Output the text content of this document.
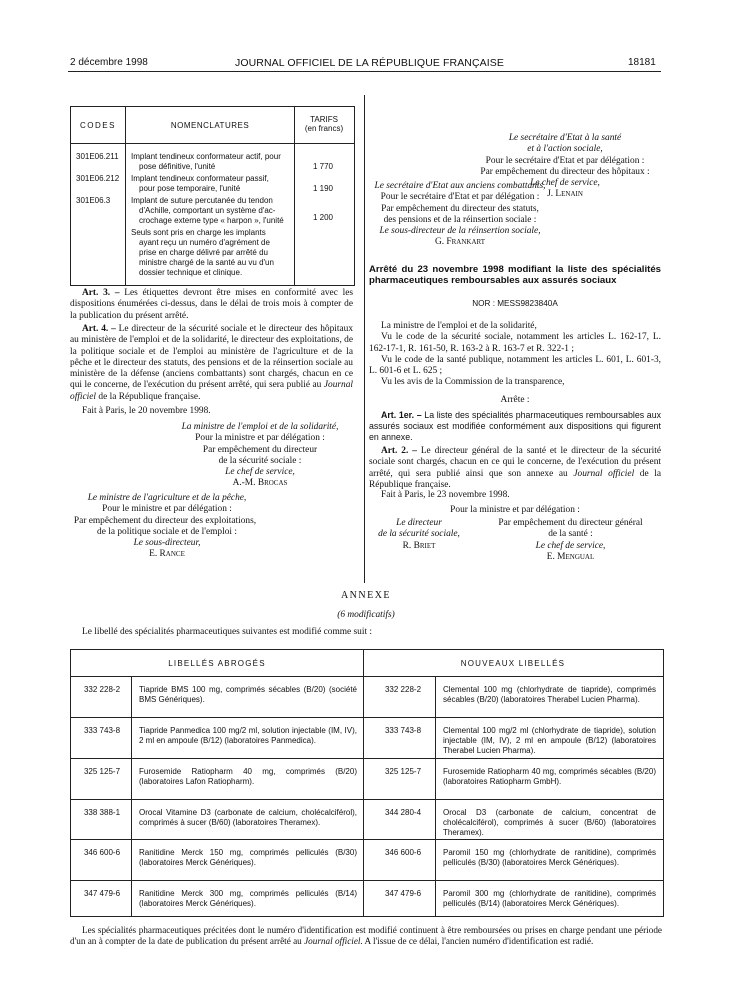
2 décembre 1998	JOURNAL OFFICIEL DE LA RÉPUBLIQUE FRANÇAISE	18181
CODES	NOMENCLATURES
TARIFS
(en francs)
301E06.211 Implant tendineux conformateur actif, pour
pose définitive, l'unité	1 770
301E06.212 Implant tendineux conformateur passif,
pour pose temporaire, l'unité	1 190
301E06.3	Implant de suture percutanée du tendon
d'Achille, comportant un système d'ac-
crochage externe type « harpon », l'unité	1 200
Seuls sont pris en charge les implants
ayant reçu un numéro d'agrément de
prise en charge délivré par arrêté du
ministre chargé de la santé au vu d'un
dossier technique et clinique.

Art. 3. – Les étiquettes devront être mises en conformité avec les dispositions énumérées ci-dessus, dans le délai de trois mois à compter de la publication du présent arrêté.

Art. 4. – Le directeur de la sécurité sociale et le directeur des hôpitaux au ministère de l'emploi et de la solidarité, le directeur des exploitations, de la politique sociale et de l'emploi au ministère de l'agriculture et de la pêche et le directeur des statuts, des pensions et de la réinsertion sociale au ministère de la défense (anciens combattants) sont chargés, chacun en ce qui le concerne, de l'exécution du présent arrêté, qui sera publié au Journal officiel de la République française.

Fait à Paris, le 20 novembre 1998.
La ministre de l'emploi et de la solidarité,
Pour la ministre et par délégation :
Par empêchement du directeur
de la sécurité sociale :
Le chef de service,
A.-M. Brocas
Le ministre de l'agriculture et de la pêche,
Pour le ministre et par délégation :
Par empêchement du directeur des exploitations,
de la politique sociale et de l'emploi :
Le sous-directeur,
E. Rance
Le secrétaire d'Etat à la santé
et à l'action sociale,
Pour le secrétaire d'Etat et par délégation :
Par empêchement du directeur des hôpitaux :
Le chef de service,
J. Lenain
Le secrétaire d'Etat aux anciens combattants,
Pour le secrétaire d'Etat et par délégation :
Par empêchement du directeur des statuts,
des pensions et de la réinsertion sociale :
Le sous-directeur de la réinsertion sociale,
G. Frankart
Arrêté du 23 novembre 1998 modifiant la liste des spécialités pharmaceutiques remboursables aux assurés sociaux
NOR : MESS9823840A

La ministre de l'emploi et de la solidarité,

Vu le code de la sécurité sociale, notamment les articles L. 162-17, L. 162-17-1, R. 161-50, R. 163-2 à R. 163-7 et R. 322-1 ;

Vu le code de la santé publique, notamment les articles L. 601, L. 601-3, L. 601-6 et L. 625 ;

Vu les avis de la Commission de la transparence,

Arrête :

Art. 1er. – La liste des spécialités pharmaceutiques remboursables aux assurés sociaux est modifiée conformément aux dispositions qui figurent en annexe.

Art. 2. – Le directeur général de la santé et le directeur de la sécurité sociale sont chargés, chacun en ce qui le concerne, de l'exécution du présent arrêté, qui sera publié ainsi que son annexe au Journal officiel de la République française.

Fait à Paris, le 23 novembre 1998.
Pour la ministre et par délégation :
Le directeur
de la sécurité sociale,
R. Briet
Par empêchement du directeur général
de la santé :
Le chef de service,
E. Mengual
ANNEXE
(6 modificatifs)
Le libellé des spécialités pharmaceutiques suivantes est modifié comme suit :
LIBELLÉS ABROGÉS	NOUVEAUX LIBELLÉS
332 228-2	Tiapride BMS 100 mg, comprimés sécables (B/20) (société BMS Génériques).
332 228-2	Clemental 100 mg (chlorhydrate de tiapride), comprimés sécables (B/20) (laboratoires Therabel Lucien Pharma).
333 743-8	Tiapride Panmedica 100 mg/2 ml, solution injectable (IM, IV), 2 ml en ampoule (B/12) (laboratoires Panmedica).
333 743-8	Clemental 100 mg/2 ml (chlorhydrate de tiapride), solution injectable (IM, IV), 2 ml en ampoule (B/12) (laboratoires Therabel Lucien Pharma).
325 125-7	Furosemide Ratiopharm 40 mg, comprimés (B/20) (laboratoires Lafon Ratiopharm).
325 125-7	Furosemide Ratiopharm 40 mg, comprimés sécables (B/20) (laboratoires Ratiopharm GmbH).
338 388-1	Orocal Vitamine D3 (carbonate de calcium, cholécalciférol), comprimés à sucer (B/60) (laboratoires Theramex).
344 280-4	Orocal D3 (carbonate de calcium, concentrat de cholécalciférol), comprimés à sucer (B/60) (laboratoires Theramex).
346 600-6	Ranitidine Merck 150 mg, comprimés pelliculés (B/30) (laboratoires Merck Génériques).
346 600-6	Paromil 150 mg (chlorhydrate de ranitidine), comprimés pelliculés (B/30) (laboratoires Merck Génériques).
347 479-6	Ranitidine Merck 300 mg, comprimés pelliculés (B/14) (laboratoires Merck Génériques).
347 479-6	Paromil 300 mg (chlorhydrate de ranitidine), comprimés pelliculés (B/14) (laboratoires Merck Génériques).

Les spécialités pharmaceutiques précitées dont le numéro d'identification est modifié continuent à être remboursées ou prises en charge pendant une période d'un an à compter de la date de publication du présent arrêté au Journal officiel. A l'issue de ce délai, l'ancien numéro d'identification est radié.
